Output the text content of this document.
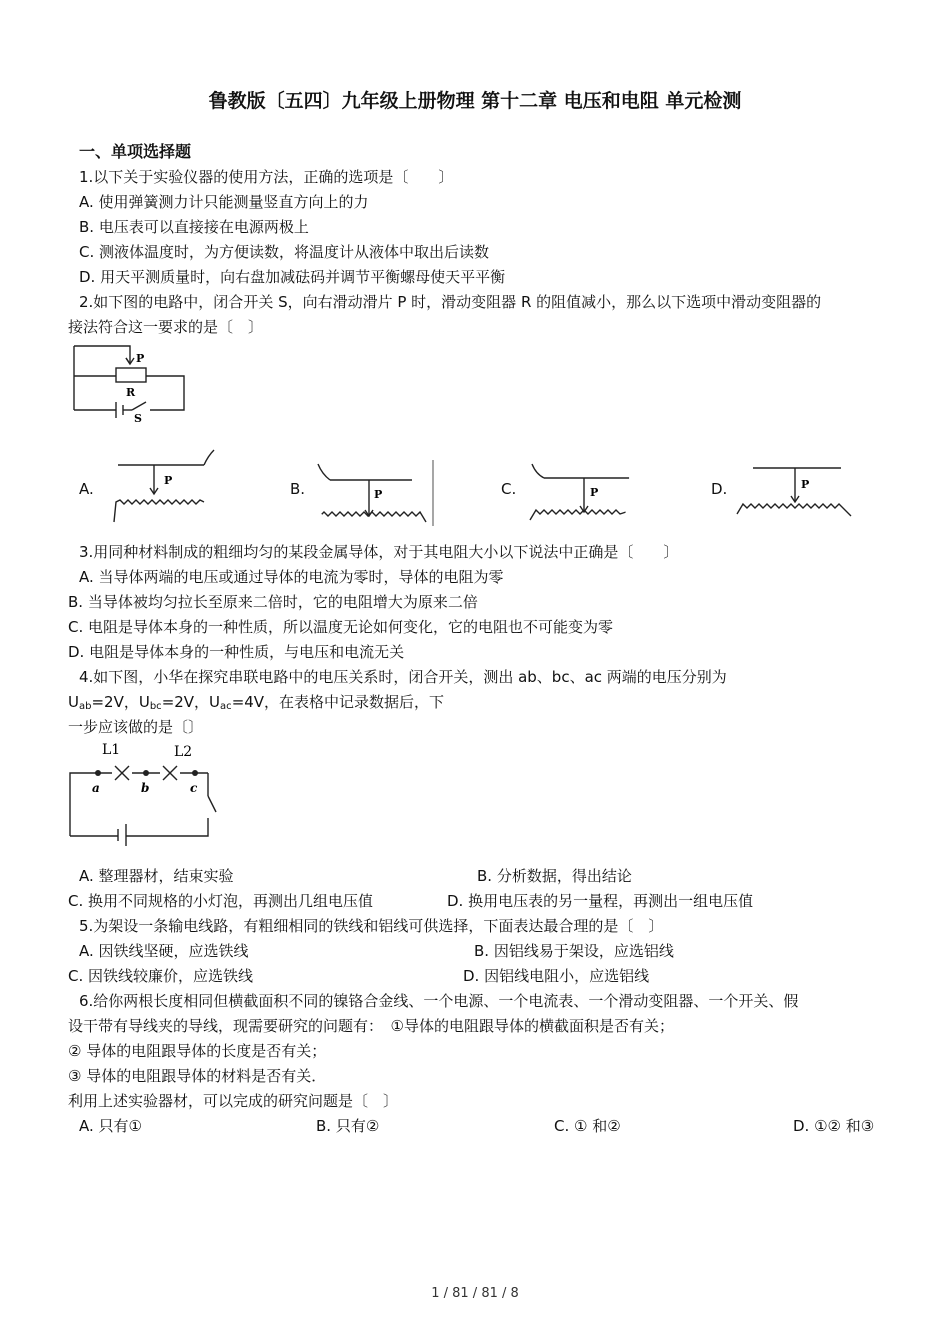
鲁教版〔五四〕九年级上册物理 第十二章 电压和电阻 单元检测
一、单项选择题
1.以下关于实验仪器的使用方法，正确的选项是〔　　〕
A. 使用弹簧测力计只能测量竖直方向上的力
B. 电压表可以直接接在电源两极上
C. 测液体温度时，为方便读数，将温度计从液体中取出后读数
D. 用天平测质量时，向右盘加减砝码并调节平衡螺母使天平平衡
2.如下图的电路中，闭合开关 S，向右滑动滑片 P 时，滑动变阻器 R 的阻值减小，那么以下选项中滑动变阻器的
接法符合这一要求的是〔　〕
P
R
S
A.	B.	C.	D.
P
P	P
P
3.用同种材料制成的粗细均匀的某段金属导体，对于其电阻大小以下说法中正确是〔　　〕
A. 当导体两端的电压或通过导体的电流为零时，导体的电阻为零
B. 当导体被均匀拉长至原来二倍时，它的电阻增大为原来二倍
C. 电阻是导体本身的一种性质，所以温度无论如何变化，它的电阻也不可能变为零
D. 电阻是导体本身的一种性质，与电压和电流无关
4.如下图，小华在探究串联电路中的电压关系时，闭合开关，测出 ab、bc、ac 两端的电压分别为
$U_{ab}=2V$，$U_{bc}=2V$，$U_{ac}=4V$，在表格中记录数据后，下
一步应该做的是〔〕
L1	L2
a	b	c
A. 整理器材，结束实验	B. 分析数据，得出结论
C. 换用不同规格的小灯泡，再测出几组电压值	D. 换用电压表的另一量程，再测出一组电压值
5.为架设一条输电线路，有粗细相同的铁线和铝线可供选择，下面表达最合理的是〔　〕
A. 因铁线坚硬，应选铁线	B. 因铝线易于架设，应选铝线
C. 因铁线较廉价，应选铁线	D. 因铝线电阻小，应选铝线
6.给你两根长度相同但横截面积不同的镍铬合金线、一个电源、一个电流表、一个滑动变阻器、一个开关、假
设干带有导线夹的导线，现需要研究的问题有：　①导体的电阻跟导体的横截面积是否有关；
② 导体的电阻跟导体的长度是否有关；
③ 导体的电阻跟导体的材料是否有关．
利用上述实验器材，可以完成的研究问题是〔　〕
A. 只有①	B. 只有②	C. ① 和②	D. ①② 和③
1 / 81 / 81 / 8
